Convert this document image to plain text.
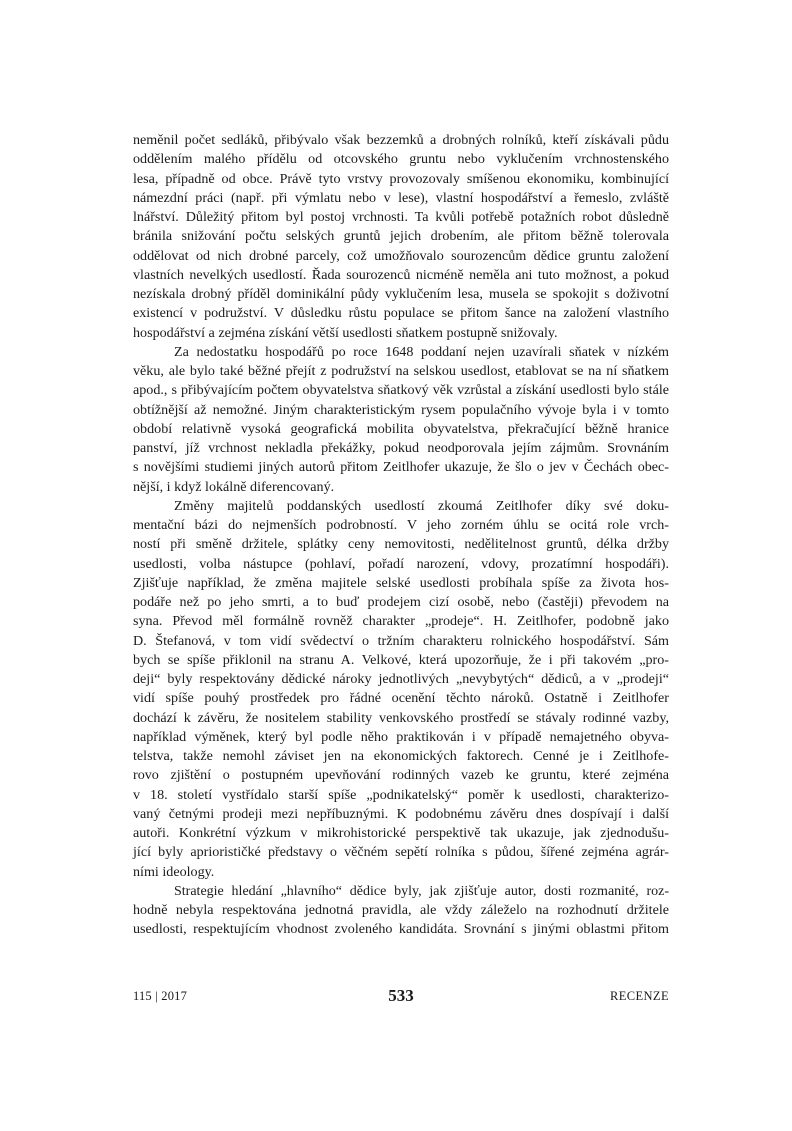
neměnil počet sedláků, přibývalo však bezzemků a drobných rolníků, kteří získávali půdu
oddělením malého přídělu od otcovského gruntu nebo vyklučením vrchnostenského
lesa, případně od obce. Právě tyto vrstvy provozovaly smíšenou ekonomiku, kombinující
námezdní práci (např. při výmlatu nebo v lese), vlastní hospodářství a řemeslo, zvláště
lnářství. Důležitý přitom byl postoj vrchnosti. Ta kvůli potřebě potažních robot důsledně
bránila snižování počtu selských gruntů jejich drobením, ale přitom běžně tolerovala
oddělovat od nich drobné parcely, což umožňovalo sourozencům dědice gruntu založení
vlastních nevelkých usedlostí. Řada sourozenců nicméně neměla ani tuto možnost, a pokud
nezískala drobný příděl dominikální půdy vyklučením lesa, musela se spokojit s doživotní
existencí v podružství. V důsledku růstu populace se přitom šance na založení vlastního
hospodářství a zejména získání větší usedlosti sňatkem postupně snižovaly.

Za nedostatku hospodářů po roce 1648 poddaní nejen uzavírali sňatek v nízkém
věku, ale bylo také běžné přejít z podružství na selskou usedlost, etablovat se na ní sňatkem
apod., s přibývajícím počtem obyvatelstva sňatkový věk vzrůstal a získání usedlosti bylo stále
obtížnější až nemožné. Jiným charakteristickým rysem populačního vývoje byla i v tomto
období relativně vysoká geografická mobilita obyvatelstva, překračující běžně hranice
panství, jíž vrchnost nekladla překážky, pokud neodporovala jejím zájmům. Srovnáním
s novějšími studiemi jiných autorů přitom Zeitlhofer ukazuje, že šlo o jev v Čechách obec-
nější, i když lokálně diferencovaný.

Změny majitelů poddanských usedlostí zkoumá Zeitlhofer díky své doku-
mentační bázi do nejmenších podrobností. V jeho zorném úhlu se ocitá role vrch-
ností při směně držitele, splátky ceny nemovitosti, nedělitelnost gruntů, délka držby
usedlosti, volba nástupce (pohlaví, pořadí narození, vdovy, prozatímní hospodáři).
Zjišťuje například, že změna majitele selské usedlosti probíhala spíše za života hos-
podáře než po jeho smrti, a to buď prodejem cizí osobě, nebo (častěji) převodem na
syna. Převod měl formálně rovněž charakter „prodeje“. H. Zeitlhofer, podobně jako
D. Štefanová, v tom vidí svědectví o tržním charakteru rolnického hospodářství. Sám
bych se spíše přiklonil na stranu A. Velkové, která upozorňuje, že i při takovém „pro-
deji“ byly respektovány dědické nároky jednotlivých „nevybytých“ dědiců, a v „prodeji“
vidí spíše pouhý prostředek pro řádné ocenění těchto nároků. Ostatně i Zeitlhofer
dochází k závěru, že nositelem stability venkovského prostředí se stávaly rodinné vazby,
například výměnek, který byl podle něho praktikován i v případě nemajetného obyva-
telstva, takže nemohl záviset jen na ekonomických faktorech. Cenné je i Zeitlhofe-
rovo zjištění o postupném upevňování rodinných vazeb ke gruntu, které zejména
v 18. století vystřídalo starší spíše „podnikatelský“ poměr k usedlosti, charakterizo-
vaný četnými prodeji mezi nepříbuznými. K podobnému závěru dnes dospívají i další
autoři. Konkrétní výzkum v mikrohistorické perspektivě tak ukazuje, jak zjednodušu-
jící byly apriorističké představy o věčném sepětí rolníka s půdou, šířené zejména agrár-
ními ideology.

Strategie hledání „hlavního“ dědice byly, jak zjišťuje autor, dosti rozmanité, roz-
hodně nebyla respektována jednotná pravidla, ale vždy záleželo na rozhodnutí držitele
usedlosti, respektujícím vhodnost zvoleného kandidáta. Srovnání s jinými oblastmi přitom

115 | 2017	533	RECENZE
